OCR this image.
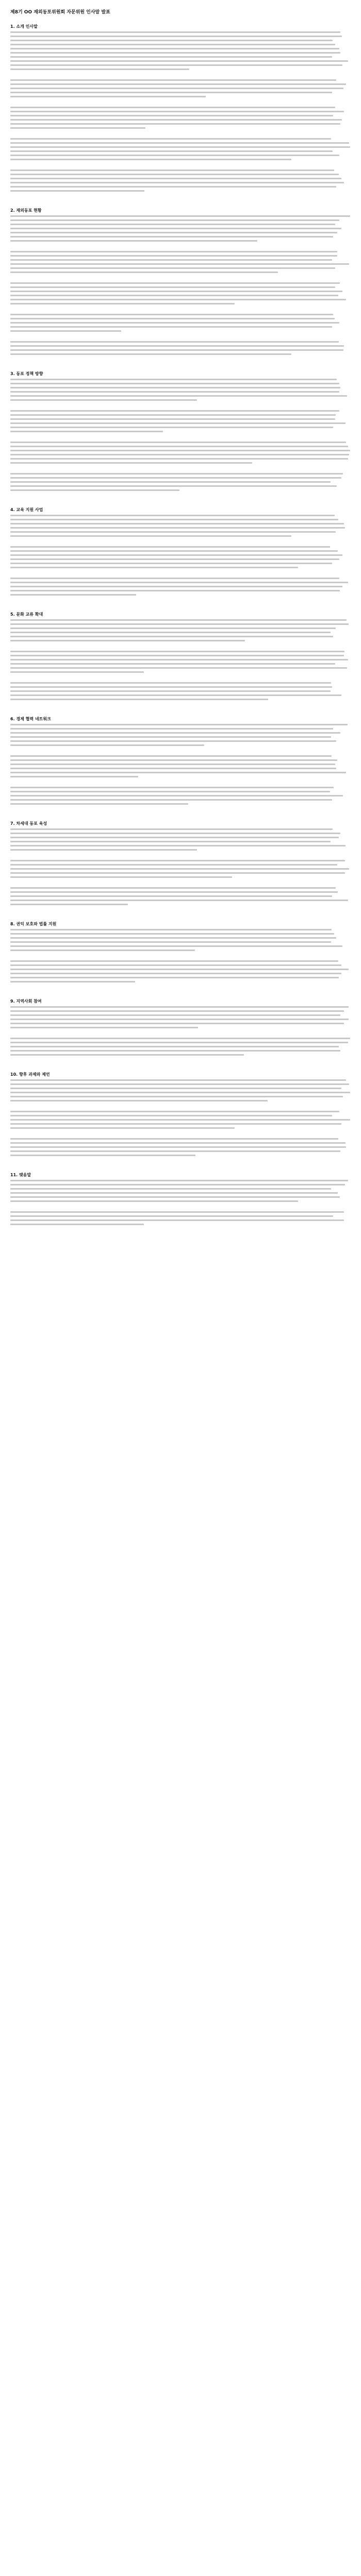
제8기 OO 재외동포위원회 자문위원 인사말 발표
1. 소개 인사말
2. 재외동포 현황
3. 동포 정책 방향
4. 교육 지원 사업
5. 문화 교류 확대
6. 경제 협력 네트워크
7. 차세대 동포 육성
8. 권익 보호와 법률 지원
9. 지역사회 참여
10. 향후 과제와 제언
11. 맺음말
